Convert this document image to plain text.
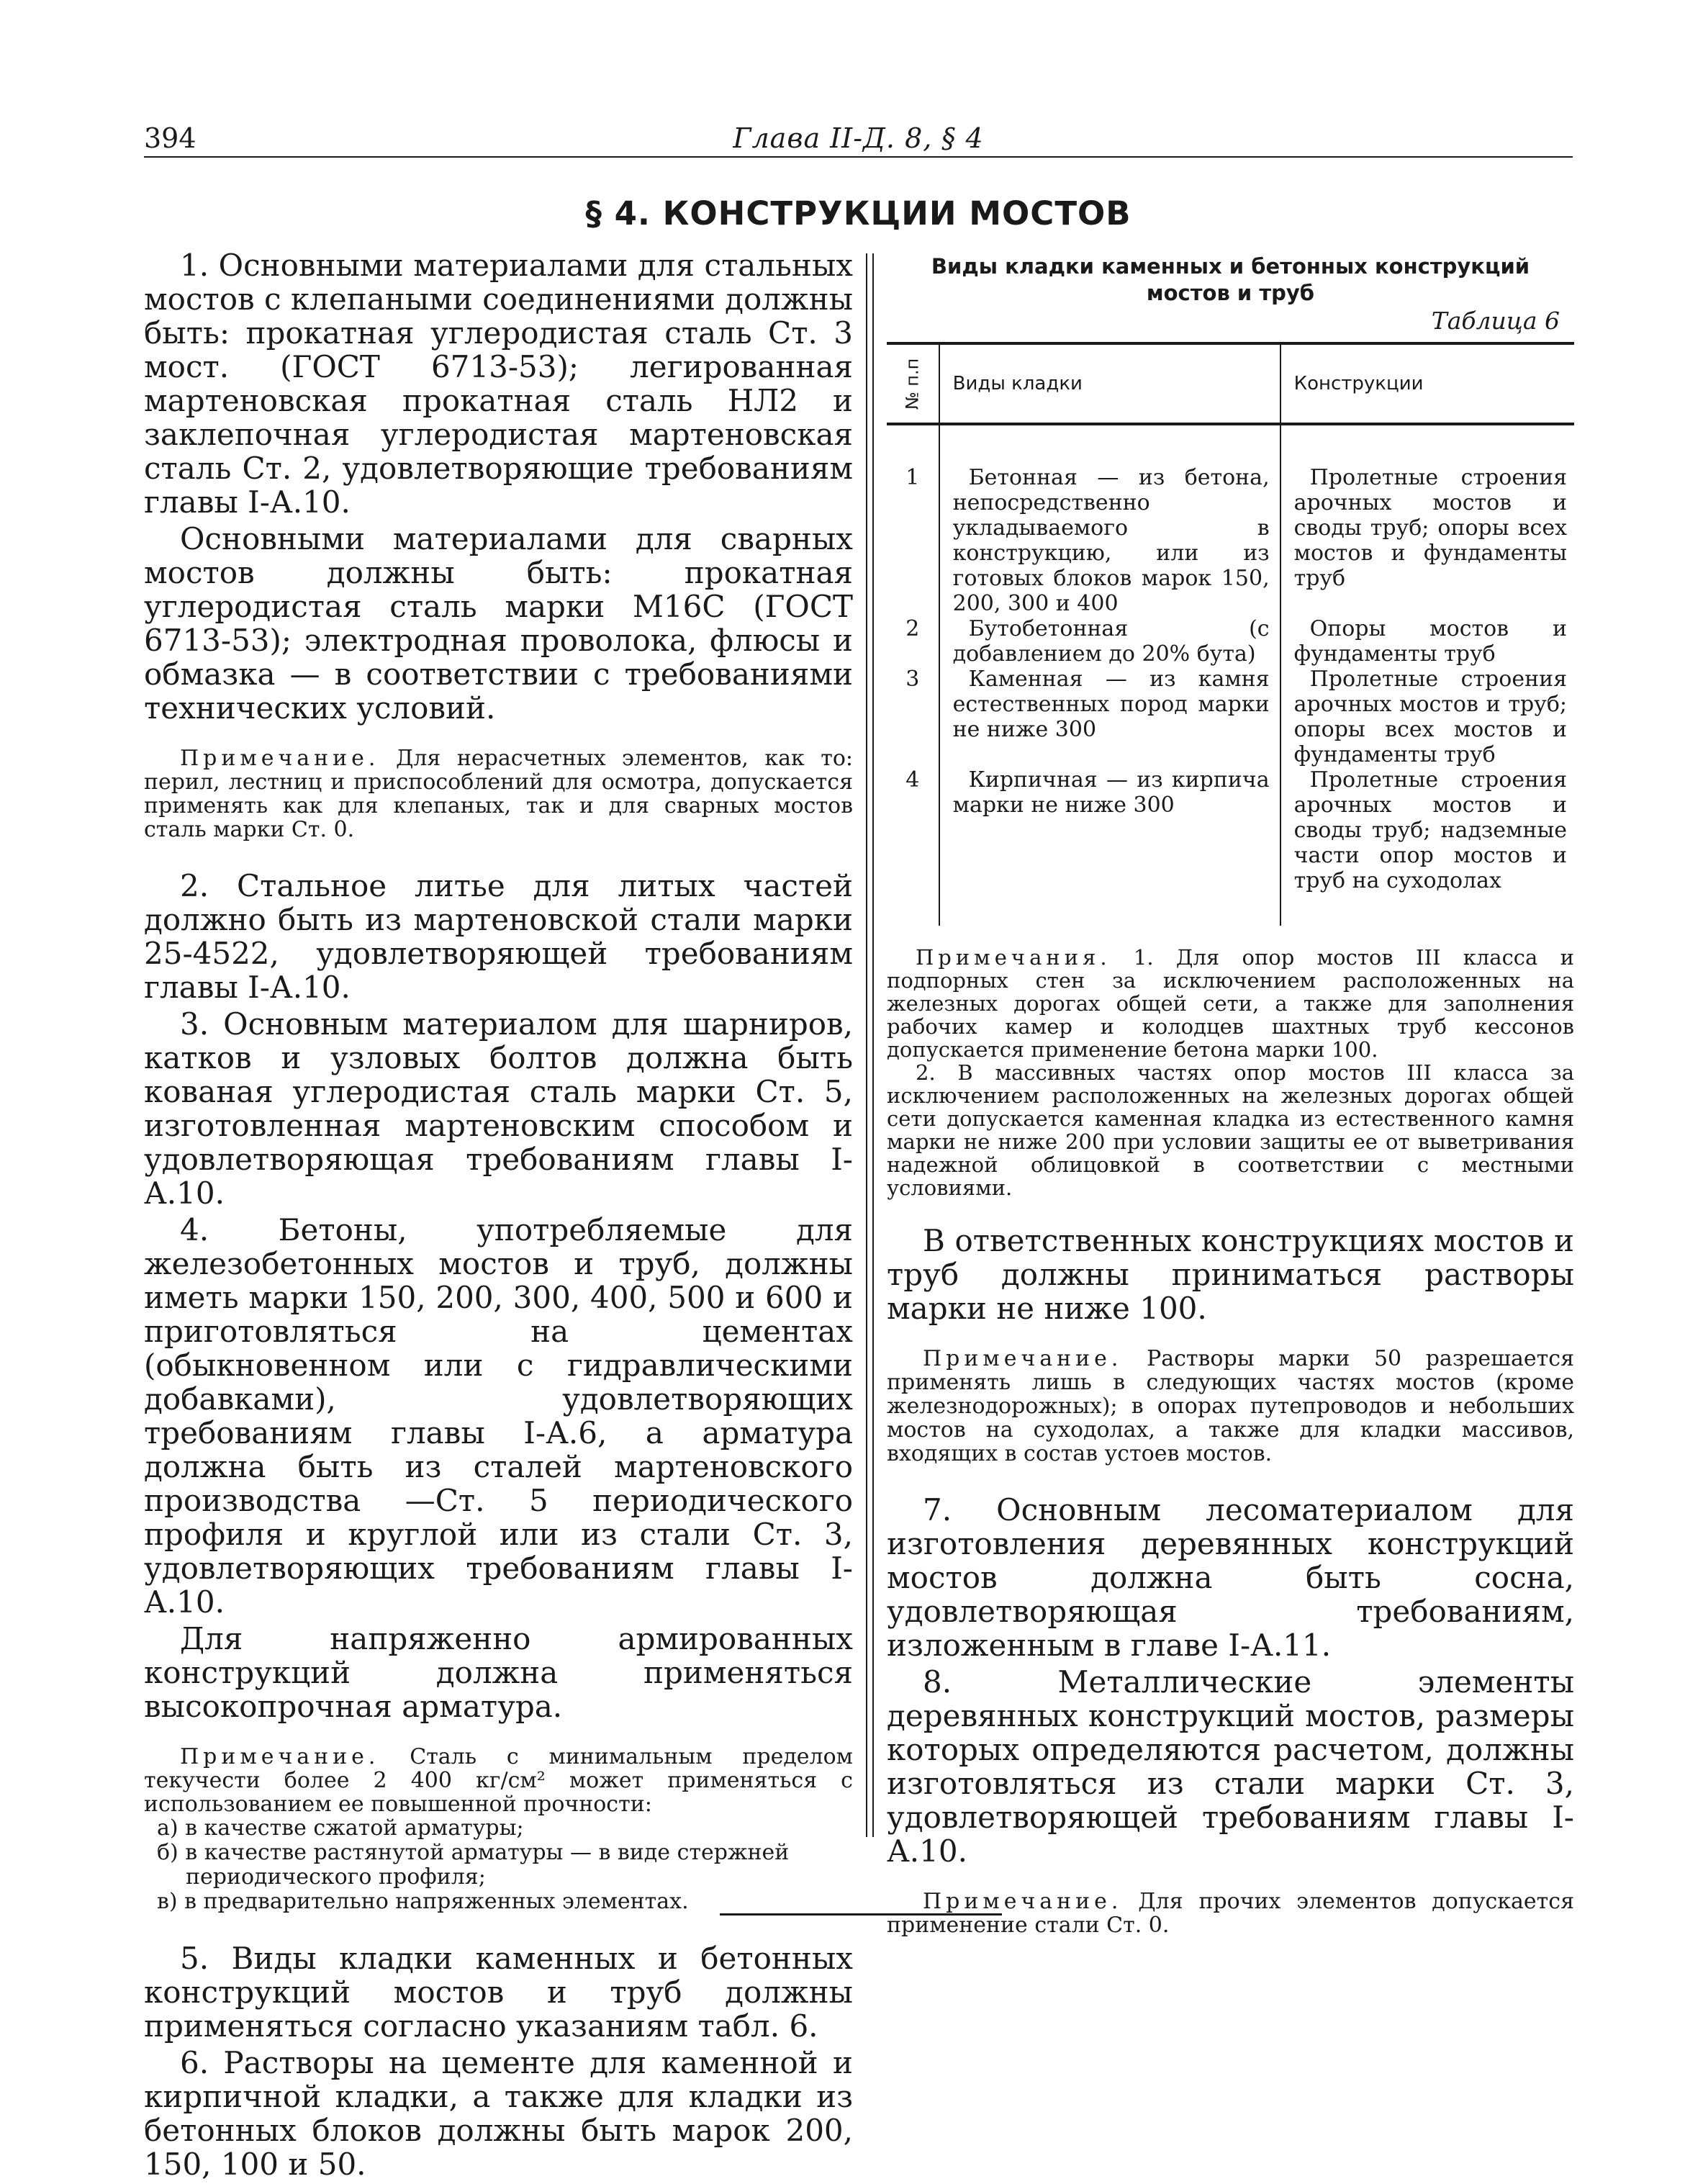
394	Глава II-Д. 8, § 4
§ 4. КОНСТРУКЦИИ МОСТОВ

1. Основными материалами для стальных мостов с клепаными соединениями должны быть: прокатная углеродистая сталь Ст. 3 мост. (ГОСТ 6713-53); легированная мартеновская прокатная сталь НЛ2 и заклепочная углеродистая мартеновская сталь Ст. 2, удовлетворяющие требованиям главы I-А.10.

Основными материалами для сварных мостов должны быть: прокатная углеродистая сталь марки М16С (ГОСТ 6713-53); электродная проволока, флюсы и обмазка — в соответствии с требованиями технических условий.

Примечание. Для нерасчетных элементов, как то: перил, лестниц и приспособлений для осмотра, допускается применять как для клепаных, так и для сварных мостов сталь марки Ст. 0.

2. Стальное литье для литых частей должно быть из мартеновской стали марки 25-4522, удовлетворяющей требованиям главы I-А.10.

3. Основным материалом для шарниров, катков и узловых болтов должна быть кованая углеродистая сталь марки Ст. 5, изготовленная мартеновским способом и удовлетворяющая требованиям главы I-А.10.

4. Бетоны, употребляемые для железобетонных мостов и труб, должны иметь марки 150, 200, 300, 400, 500 и 600 и приготовляться на цементах (обыкновенном или с гидравлическими добавками), удовлетворяющих требованиям главы I-А.6, а арматура должна быть из сталей мартеновского производства —Ст. 5 периодического профиля и круглой или из стали Ст. 3, удовлетворяющих требованиям главы I-А.10.

Для напряженно армированных конструкций должна применяться высокопрочная арматура.

Примечание. Сталь с минимальным пределом текучести более 2 400 кг/см² может применяться с использованием ее повышенной прочности:

а) в качестве сжатой арматуры;

б) в качестве растянутой арматуры — в виде стержней периодического профиля;

в) в предварительно напряженных элементах.

5. Виды кладки каменных и бетонных конструкций мостов и труб должны применяться согласно указаниям табл. 6.

6. Растворы на цементе для каменной и кирпичной кладки, а также для кладки из бетонных блоков должны быть марок 200, 150, 100 и 50.

Виды кладки каменных и бетонных конструкций
мостов и труб
Таблица 6
№ п.п	Виды кладки	Конструкции
1	Бетонная — из бетона, непосредственно укладываемого в конструкцию, или из готовых блоков марок 150, 200, 300 и 400	Пролетные строения арочных мостов и своды труб; опоры всех мостов и фундаменты труб

2	Бутобетонная (с добавлением до 20% бута)	Опоры мостов и фундаменты труб

3	Каменная — из камня естественных пород марки не ниже 300	Пролетные строения арочных мостов и труб; опоры всех мостов и фундаменты труб

4	Кирпичная — из кирпича марки не ниже 300	Пролетные строения арочных мостов и своды труб; надземные части опор мостов и труб на суходолах

Примечания. 1. Для опор мостов III класса и подпорных стен за исключением расположенных на железных дорогах общей сети, а также для заполнения рабочих камер и колодцев шахтных труб кессонов допускается применение бетона марки 100.

2. В массивных частях опор мостов III класса за исключением расположенных на железных дорогах общей сети допускается каменная кладка из естественного камня марки не ниже 200 при условии защиты ее от выветривания надежной облицовкой в соответствии с местными условиями.

В ответственных конструкциях мостов и труб должны приниматься растворы марки не ниже 100.

Примечание. Растворы марки 50 разрешается применять лишь в следующих частях мостов (кроме железнодорожных); в опорах путепроводов и небольших мостов на суходолах, а также для кладки массивов, входящих в состав устоев мостов.

7. Основным лесоматериалом для изготовления деревянных конструкций мостов должна быть сосна, удовлетворяющая требованиям, изложенным в главе I-А.11.

8. Металлические элементы деревянных конструкций мостов, размеры которых определяются расчетом, должны изготовляться из стали марки Ст. 3, удовлетворяющей требованиям главы I-А.10.

Примечание. Для прочих элементов допускается применение стали Ст. 0.
